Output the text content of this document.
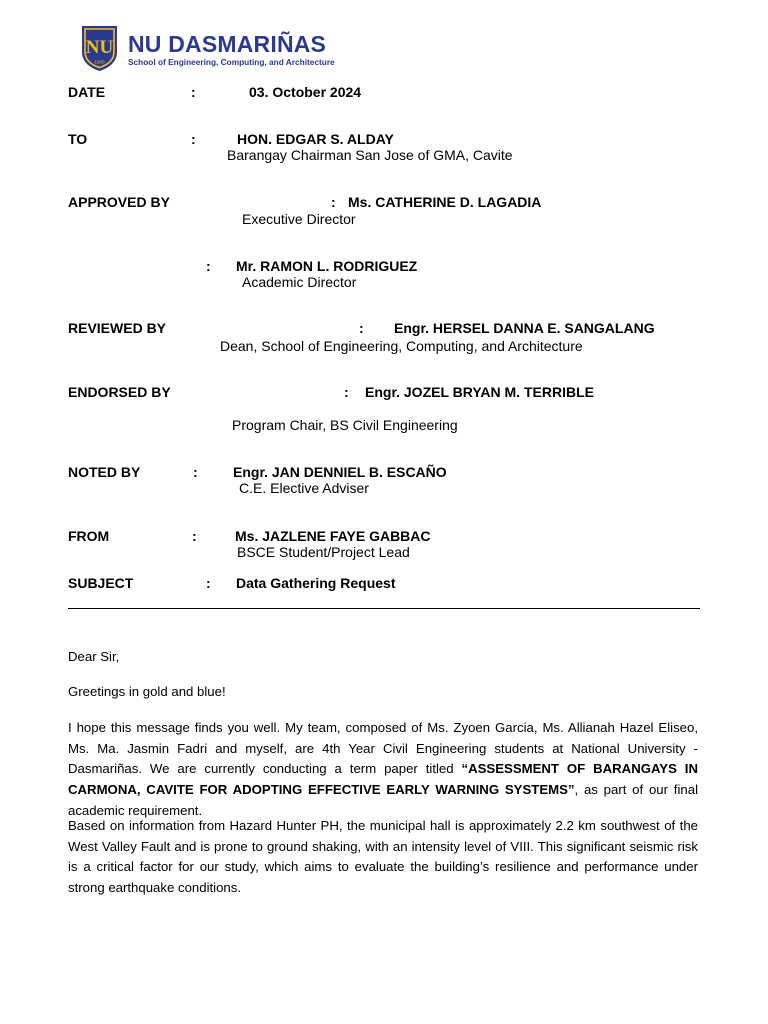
NU
1900
NU DASMARIÑAS
School of Engineering, Computing, and Architecture
DATE	:	03. October 2024
TO	:	HON. EDGAR S. ALDAY
Barangay Chairman San Jose of GMA, Cavite
APPROVED BY	: Ms. CATHERINE D. LAGADIA
Executive Director
: Mr. RAMON L. RODRIGUEZ
Academic Director
REVIEWED BY	: Engr. HERSEL DANNA E. SANGALANG
Dean, School of Engineering, Computing, and Architecture
ENDORSED BY	: Engr. JOZEL BRYAN M. TERRIBLE
Program Chair, BS Civil Engineering
NOTED BY	:	Engr. JAN DENNIEL B. ESCAÑO
C.E. Elective Adviser
FROM	:	Ms. JAZLENE FAYE GABBAC
BSCE Student/Project Lead
SUBJECT	: Data Gathering Request
Dear Sir,
Greetings in gold and blue!
I hope this message finds you well. My team, composed of Ms. Zyoen Garcia, Ms. Allianah Hazel Eliseo, Ms. Ma. Jasmin Fadri and myself, are 4th Year Civil Engineering students at National University - Dasmariñas. We are currently conducting a term paper titled “ASSESSMENT OF BARANGAYS IN CARMONA, CAVITE FOR ADOPTING EFFECTIVE EARLY WARNING SYSTEMS”, as part of our final academic requirement.
Based on information from Hazard Hunter PH, the municipal hall is approximately 2.2 km southwest of the West Valley Fault and is prone to ground shaking, with an intensity level of VIII. This significant seismic risk is a critical factor for our study, which aims to evaluate the building’s resilience and performance under strong earthquake conditions.
